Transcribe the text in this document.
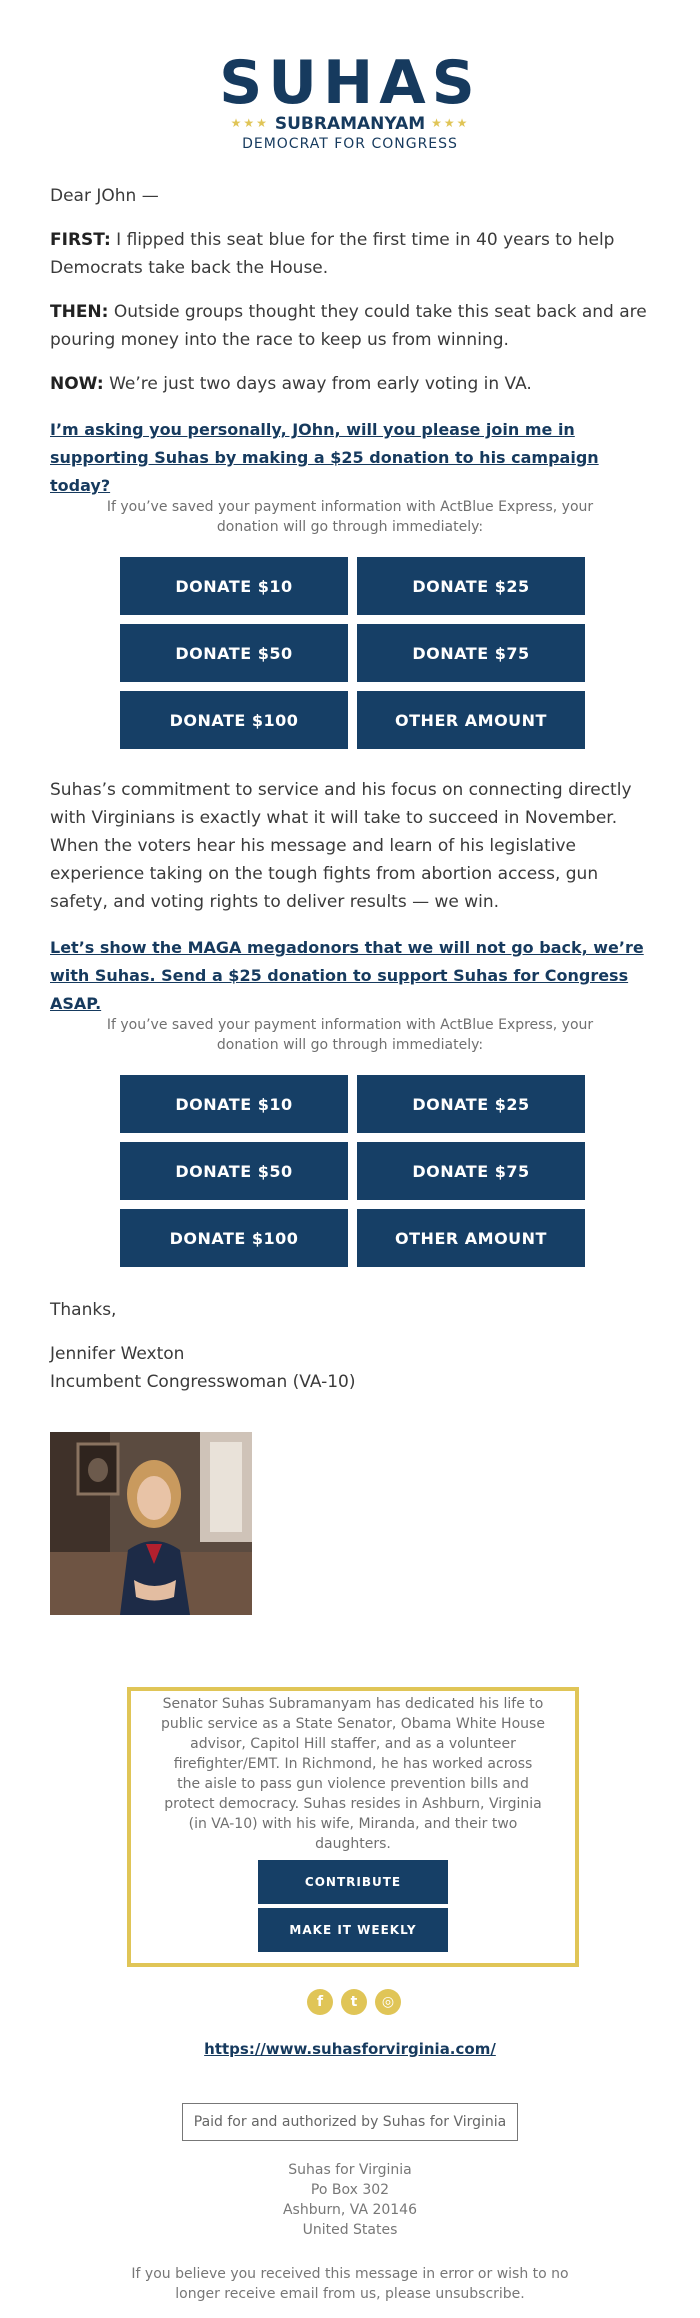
SUHAS
★★★ SUBRAMANYAM ★★★
DEMOCRAT FOR CONGRESS
Dear JOhn —
FIRST: I flipped this seat blue for the first time in 40 years to help Democrats take back the House.
THEN: Outside groups thought they could take this seat back and are pouring money into the race to keep us from winning.
NOW: We’re just two days away from early voting in VA.
I’m asking you personally, JOhn, will you please join me in supporting Suhas by making a $25 donation to his campaign today?
If you’ve saved your payment information with ActBlue Express, your donation will go through immediately:
DONATE $10	DONATE $25
DONATE $50	DONATE $75
DONATE $100	OTHER AMOUNT
Suhas’s commitment to service and his focus on connecting directly with Virginians is exactly what it will take to succeed in November. When the voters hear his message and learn of his legislative experience taking on the tough fights from abortion access, gun safety, and voting rights to deliver results — we win.
Let’s show the MAGA megadonors that we will not go back, we’re with Suhas. Send a $25 donation to support Suhas for Congress ASAP.
If you’ve saved your payment information with ActBlue Express, your donation will go through immediately:
DONATE $10	DONATE $25
DONATE $50	DONATE $75
DONATE $100	OTHER AMOUNT
Thanks,
Jennifer Wexton
Incumbent Congresswoman (VA-10)
Senator Suhas Subramanyam has dedicated his life to public service as a State Senator, Obama White House advisor, Capitol Hill staffer, and as a volunteer firefighter/EMT. In Richmond, he has worked across the aisle to pass gun violence prevention bills and protect democracy. Suhas resides in Ashburn, Virginia (in VA-10) with his wife, Miranda, and their two daughters.
CONTRIBUTE
MAKE IT WEEKLY
f	t	◎
https://www.suhasforvirginia.com/
Paid for and authorized by Suhas for Virginia
Suhas for Virginia
Po Box 302
Ashburn, VA 20146
United States
If you believe you received this message in error or wish to no longer receive email from us, please unsubscribe.
